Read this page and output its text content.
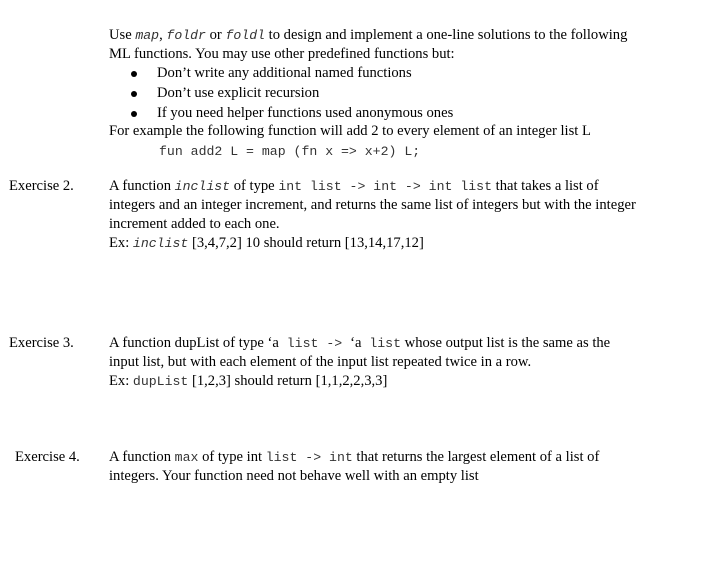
Use map, foldr or foldl to design and implement a one-line solutions to the following
ML functions. You may use other predefined functions but:
Don’t write any additional named functions
Don’t use explicit recursion
If you need helper functions used anonymous ones
For example the following function will add 2 to every element of an integer list L
fun add2 L = map (fn x => x+2) L;
Exercise 2. A function inclist of type int list -> int -> int list that takes a list of
integers and an integer increment, and returns the same list of integers but with the integer
increment added to each one.
Ex: inclist [3,4,7,2] 10 should return [13,14,17,12]
Exercise 3. A function dupList of type ‘a list -> ‘a list whose output list is the same as the
input list, but with each element of the input list repeated twice in a row.
Ex: dupList [1,2,3] should return [1,1,2,2,3,3]
Exercise 4. A function max of type int list -> int that returns the largest element of a list of
integers. Your function need not behave well with an empty list
